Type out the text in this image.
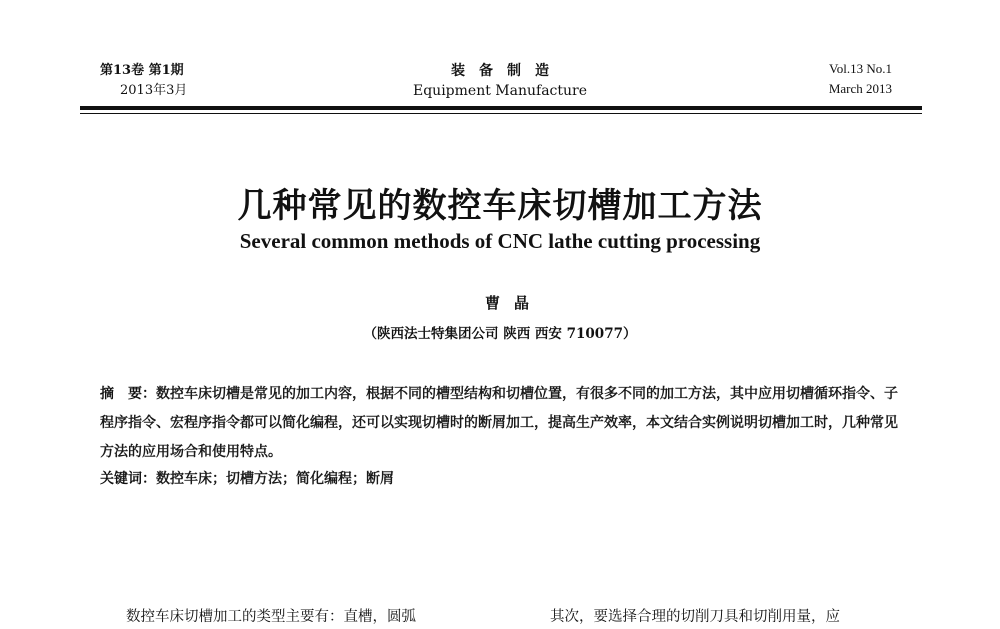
第13卷 第1期
2013年3月
装备制造
Equipment Manufacture
Vol.13 No.1
March 2013
几种常见的数控车床切槽加工方法
Several common methods of CNC lathe cutting processing
曹晶
（陕西法士特集团公司 陕西 西安 710077）
摘　要：数控车床切槽是常见的加工内容，根据不同的槽型结构和切槽位置，有很多不同的加工方法，其中应用切槽循环指令、子程序指令、宏程序指令都可以简化编程，还可以实现切槽时的断屑加工，提高生产效率，本文结合实例说明切槽加工时，几种常见方法的应用场合和使用特点。
关键词：数控车床；切槽方法；简化编程；断屑
数控车床切槽加工的类型主要有：直槽，圆弧	其次，要选择合理的切削刀具和切削用量，应
